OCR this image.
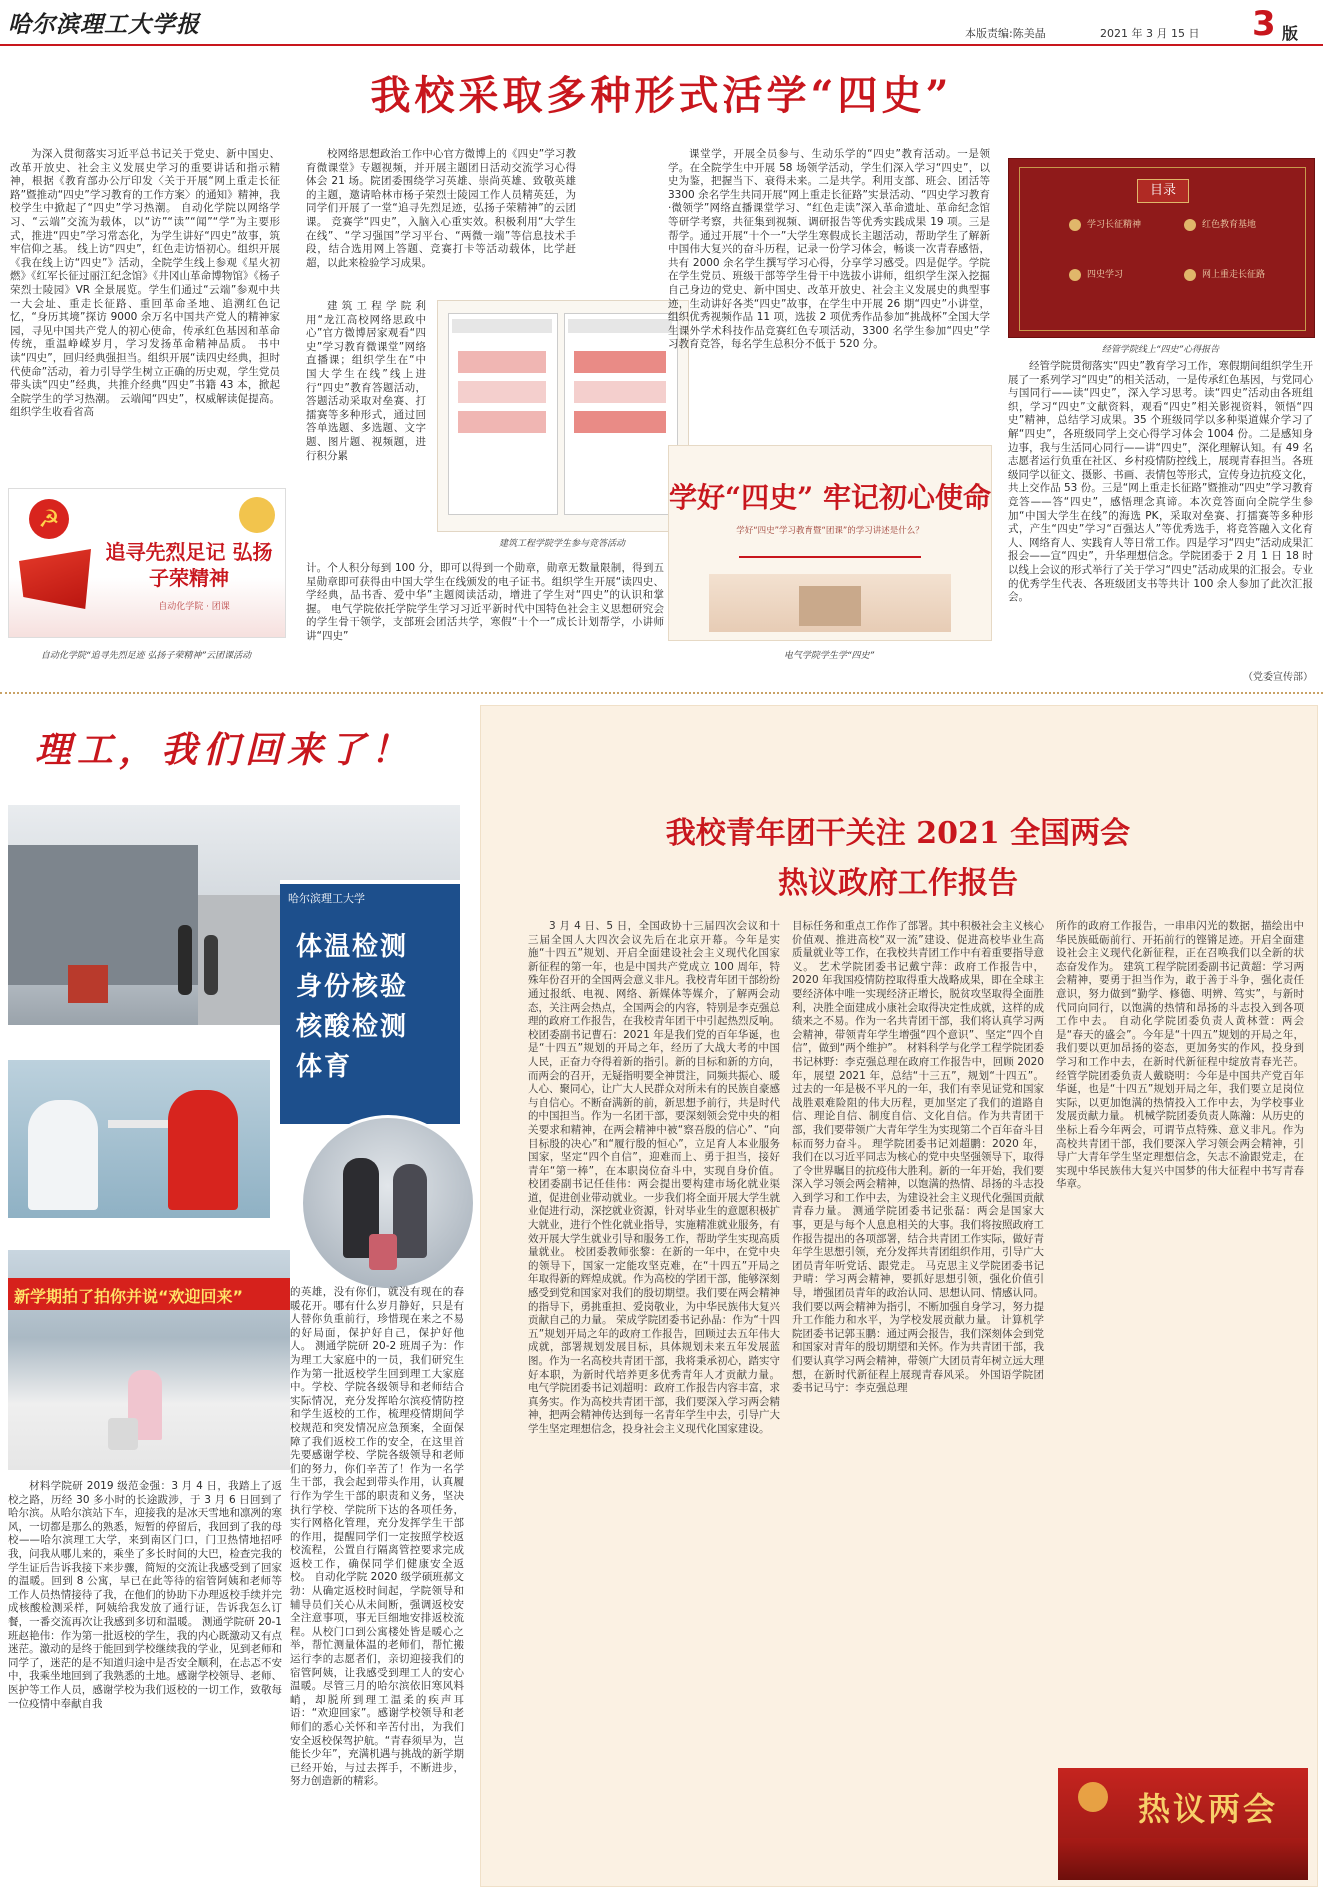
哈尔滨理工大学报	本版责编:陈美晶	2021 年 3 月 15 日 3 版
我校采取多种形式活学“四史”
为深入贯彻落实习近平总书记关于党史、新中国史、改革开放史、社会主义发展史学习的重要讲话和指示精神，根据《教育部办公厅印发〈关于开展“网上重走长征路”暨推动“四史”学习教育的工作方案〉的通知》精神，我校学生中掀起了“四史”学习热潮。 自动化学院以网络学习、“云端”交流为载体，以“访”“读”“闻”“学”为主要形式，推进“四史”学习常态化，为学生讲好“四史”故事，筑牢信仰之基。 线上访“四史”，红色走访悟初心。组织开展《我在线上访“四史”》活动，全院学生线上参观《星火初燃》《红军长征过丽江纪念馆》《井冈山革命博物馆》《杨子荣烈士陵园》VR 全景展览。学生们通过“云端”参观中共一大会址、重走长征路、重回革命圣地、追溯红色记忆，“身历其境”探访 9000 余万名中国共产党人的精神家园，寻见中国共产党人的初心使命，传承红色基因和革命传统，重温峥嵘岁月，学习发扬革命精神品质。 书中读“四史”，回归经典强担当。组织开展“读四史经典，担时代使命”活动，着力引导学生树立正确的历史观，学生党员带头读“四史”经典，共推介经典“四史”书籍 43 本，掀起全院学生的学习热潮。 云端闻“四史”，权威解读促提高。组织学生收看省高
☭
追寻先烈足记 弘扬子荣精神
自动化学院 · 团课
自动化学院“追寻先烈足迹 弘扬子荣精神”云团课活动
校网络思想政治工作中心官方微博上的《四史”学习教育微课堂》专题视频，并开展主题团日活动交流学习心得体会 21 场。院团委围绕学习英雄、崇尚英雄、致敬英雄的主题，邀请哈林市杨子荣烈士陵园工作人员精英廷，为同学们开展了一堂“追寻先烈足迹，弘扬子荣精神”的云团课。 竞赛学“四史”，入脑入心重实效。积极利用“大学生在线”、“学习强国”学习平台、“两微一端”等信息技术手段，结合选用网上答题、竞赛打卡等活动载体，比学赶超，以此来检验学习成果。
建筑工程学院利用“龙江高校网络思政中心”官方微博居家观看“四史”学习教育微课堂”网络直播课；组织学生在“中国大学生在线”线上进行“四史”教育答题活动，答题活动采取对垒赛、打擂赛等多种形式，通过回答单选题、多选题、文字题、图片题、视频题，进行积分累
建筑工程学院学生参与竞答活动
计。个人积分每到 100 分，即可以得到一个勋章，勋章无数量限制，得到五星勋章即可获得由中国大学生在线颁发的电子证书。组织学生开展“读四史、学经典，品书香、爱中华”主题阅读活动，增进了学生对“四史”的认识和掌握。 电气学院依托学院学生学习习近平新时代中国特色社会主义思想研究会的学生骨干领学，支部班会团活共学，寒假“十个一”成长计划帮学，小讲师讲“四史”
课堂学，开展全员参与、生动乐学的“四史”教育活动。一是领学。在全院学生中开展 58 场领学活动，学生们深入学习“四史”，以史为鉴，把握当下、衰得未来。二是共学。利用支部、班会、团活等 3300 余名学生共同开展“网上重走长征路”实景活动、“四史学习教育·微领学”网络直播课堂学习、“红色走读”深入革命遗址、革命纪念馆等研学考察，共征集到视频、调研报告等优秀实践成果 19 项。三是帮学。通过开展“十个一”大学生寒假成长主题活动，帮助学生了解新中国伟大复兴的奋斗历程，记录一份学习体会，畅谈一次青春感悟，共有 2000 余名学生撰写学习心得，分享学习感受。四是促学。学院在学生党员、班级干部等学生骨干中选拔小讲师，组织学生深入挖掘自己身边的党史、新中国史、改革开放史、社会主义发展史的典型事迹，生动讲好各类“四史”故事，在学生中开展 26 期“四史”小讲堂，组织优秀视频作品 11 项，选拔 2 项优秀作品参加“挑战杯”全国大学生课外学术科技作品竞赛红色专项活动，3300 名学生参加“四史”学习教育竞答，每名学生总积分不低于 520 分。
学好“四史” 牢记初心使命
学好“四史”学习教育暨“团课”的学习讲述是什么？
电气学院学生学“四史”
目录
学习长征精神	红色教育基地
四史学习	网上重走长征路
经管学院线上“四史”心得报告
经管学院贯彻落实“四史”教育学习工作，寒假期间组织学生开展了一系列学习“四史”的相关活动，一是传承红色基因，与党同心与国同行——读“四史”，深入学习思考。读“四史”活动由各班组织，学习“四史”文献资料，观看“四史”相关影视资料，领悟“四史”精神，总结学习成果。35 个班级同学以多种渠道媒介学习了解“四史”，各班级同学上交心得学习体会 1004 份。二是感知身边事，我与生活同心同行——讲“四史”，深化理解认知。有 49 名志愿者运行负重在社区、乡村疫情防控线上，展现青春担当。各班级同学以征文、摄影、书画、表情包等形式，宣传身边抗疫文化，共上交作品 53 份。三是“网上重走长征路”暨推动“四史”学习教育竞答——答“四史”，感悟理念真谛。本次竞答面向全院学生参加“中国大学生在线”的海选 PK，采取对垒赛、打擂赛等多种形式，产生“四史”学习“百强达人”等优秀选手，将竞答融入文化育人、网络育人、实践育人等日常工作。四是学习“四史”活动成果汇报会——宣“四史”，升华理想信念。学院团委于 2 月 1 日 18 时以线上会议的形式举行了关于学习“四史”活动成果的汇报会。专业的优秀学生代表、各班级团支书等共计 100 余人参加了此次汇报会。
（党委宣传部）
理工，我们回来了！
哈尔滨理工大学
体温检测
身份核验
核酸检测
体育
新学期拍了拍你并说“欢迎回来”	的英雄，没有你们，就没有现在的春暖花开。哪有什么岁月静好，只是有人替你负重前行，珍惜现在来之不易的好局面，保护好自己，保护好他人。 测通学院研 20-2 班周子为：作为理工大家庭中的一员，我们研究生作为第一批返校学生回到理工大家庭中。学校、学院各级领导和老师结合实际情况，充分发挥哈尔滨疫情防控和学生返校的工作，梳理疫情期间学校规范和突发情况应急预案，全面保障了我们返校工作的安全，在这里首先要感谢学校、学院各级领导和老师们的努力，你们辛苦了！作为一名学生干部，我会起到带头作用，认真履行作为学生干部的职责和义务，坚决执行学校、学院所下达的各项任务，实行网格化管理，充分发挥学生干部的作用，提醒同学们一定按照学校返校流程，公置自行隔离管控要求完成返校工作，确保同学们健康安全返校。 自动化学院 2020 级学硕班郝文勃：从确定返校时间起，学院领导和辅导员们关心从未间断，强调返校安全注意事项，事无巨细地安排返校流程。从校门口到公寓楼处皆是暖心之举，帮忙测量体温的老师们，帮忙搬运行李的志愿者们，亲切迎接我们的宿管阿姨，让我感受到理工人的安心温暖。尽管三月的哈尔滨依旧寒风料峭，却脱所到理工温柔的疾声耳语：“欢迎回家”。感谢学校领导和老师们的悉心关怀和辛苦付出，为我们安全返校保驾护航。“青春须早为，岂能长少年”，充满机遇与挑战的新学期已经开始，与过去挥手，不断进步，努力创造新的精彩。
材料学院研 2019 级范金强：3 月 4 日，我踏上了返校之路，历经 30 多小时的长途跋涉，于 3 月 6 日回到了哈尔滨。从哈尔滨站下车，迎接我的是冰天雪地和凛冽的寒风，一切都是那么的熟悉，短暂的停留后，我回到了我的母校——哈尔滨理工大学，来到南区门口，门卫热情地招呼我，问我从哪儿来的，乘坐了多长时间的大巴，检查完我的学生证后告诉我接下来步骤，简短的交流让我感受到了回家的温暖。回到 8 公寓，早已在此等待的宿管阿姨和老师等工作人员热情接待了我，在他们的协助下办理返校手续并完成核酸检测采样，阿姨给我发放了通行证，告诉我怎么订餐，一番交流再次让我感到多切和温暖。 测通学院研 20-1 班赵艳伟：作为第一批返校的学生，我的内心既激动又有点迷茫。激动的是终于能回到学校继续我的学业，见到老师和同学了，迷茫的是不知道归途中是否安全顺利，在忐忑不安中，我乘坐地回到了我熟悉的土地。感谢学校领导、老师、医护等工作人员，感谢学校为我们返校的一切工作，致敬每一位疫情中奉献自我
我校青年团干关注 2021 全国两会
热议政府工作报告
3 月 4 日、5 日，全国政协十三届四次会议和十三届全国人大四次会议先后在北京开幕。今年是实施“十四五”规划、开启全面建设社会主义现代化国家新征程的第一年，也是中国共产党成立 100 周年，特殊年份召开的全国两会意义非凡。我校青年团干部纷纷通过报纸、电视、网络、新媒体等媒介，了解两会动态，关注两会热点，全国两会的内容，特别是李克强总理的政府工作报告，在我校青年团干中引起热烈反响。 校团委副书记曹石：2021 年是我们党的百年华诞，也是“十四五”规划的开局之年，经历了大战大考的中国人民，正奋力夺得着新的指引。新的目标和新的方向，而两会的召开，无疑指明要全神贯注，同频共振心、暖人心、聚同心，让广大人民群众对所未有的民族自豪感与自信心。不断奋满新的前，新思想予前行，共是时代的中国担当。作为一名团干部，要深刻领会党中央的相关要求和精神，在两会精神中被“察吾殷的信心”、“向目标殷的决心”和“履行殷的恒心”，立足育人本业服务国家，坚定“四个自信”，迎难而上、勇于担当，接好青年“第一棒”，在本职岗位奋斗中，实现自身价值。 校团委副书记任佳伟：两会提出要构建市场化就业渠道，促进创业带动就业。一步我们将全面开展大学生就业促进行动，深挖就业资源，针对毕业生的意愿积极扩大就业，进行个性化就业指导，实施精准就业服务，有效开展大学生就业引导和服务工作，帮助学生实现高质量就业。 校团委教师张黎：在新的一年中，在党中央的领导下，国家一定能攻坚克难，在“十四五”开局之年取得新的辉煌成就。作为高校的学团干部，能够深刻感受到党和国家对我们的殷切期望。我们要在两会精神的指导下，勇挑重担、爱岗敬业，为中华民族伟大复兴贡献自己的力量。 荣成学院团委书记孙晶：作为“十四五”规划开局之年的政府工作报告，回顾过去五年伟大成就，部署规划发展目标，具体规划未来五年发展蓝图。作为一名高校共青团干部，我将秉承初心，踏实守好本职，为新时代培养更多优秀青年人才贡献力量。 电气学院团委书记刘超明：政府工作报告内容丰富，求真务实。作为高校共青团干部，我们要深入学习两会精神，把两会精神传达到每一名青年学生中去，引导广大学生坚定理想信念，投身社会主义现代化国家建设。
目标任务和重点工作作了部署。其中积极社会主义核心价值观、推进高校“双一流”建设、促进高校毕业生高质量就业等工作，在我校共青团工作中有着重要指导意义。 艺术学院团委书记戴宁萍：政府工作报告中，2020 年我国疫情防控取得重大战略成果，即在全球主要经济体中唯一实现经济正增长，脱贫攻坚取得全面胜利，决胜全面建成小康社会取得决定性成就，这样的成绩来之不易。作为一名共青团干部，我们将认真学习两会精神，带领青年学生增强“四个意识”、坚定“四个自信”，做到“两个维护”。 材料科学与化学工程学院团委书记林野：李克强总理在政府工作报告中，回顾 2020 年，展望 2021 年，总结“十三五”，规划“十四五”。过去的一年是极不平凡的一年，我们有幸见证党和国家战胜艰难险阻的伟大历程，更加坚定了我们的道路自信、理论自信、制度自信、文化自信。作为共青团干部，我们要带领广大青年学生为实现第二个百年奋斗目标而努力奋斗。 理学院团委书记刘超鹏：2020 年，我们在以习近平同志为核心的党中央坚强领导下，取得了令世界瞩目的抗疫伟大胜利。新的一年开始，我们要深入学习领会两会精神，以饱满的热情、昂扬的斗志投入到学习和工作中去，为建设社会主义现代化强国贡献青春力量。 测通学院团委书记张磊：两会是国家大事，更是与每个人息息相关的大事。我们将按照政府工作报告提出的各项部署，结合共青团工作实际，做好青年学生思想引领，充分发挥共青团组织作用，引导广大团员青年听党话、跟党走。 马克思主义学院团委书记尹晴：学习两会精神，要抓好思想引领，强化价值引导，增强团员青年的政治认同、思想认同、情感认同。我们要以两会精神为指引，不断加强自身学习，努力提升工作能力和水平，为学校发展贡献力量。 计算机学院团委书记郭玉鹏：通过两会报告，我们深刻体会到党和国家对青年的殷切期望和关怀。作为共青团干部，我们要认真学习两会精神，带领广大团员青年树立远大理想，在新时代新征程上展现青春风采。 外国语学院团委书记马宁：李克强总理
所作的政府工作报告，一串串闪光的数据，描绘出中华民族砥砺前行、开拓前行的铿锵足迹。开启全面建设社会主义现代化新征程，正在召唤我们以全新的状态奋发作为。 建筑工程学院团委副书记黄超：学习两会精神，要勇于担当作为，敢于善于斗争，强化责任意识，努力做到“勤学、修德、明辨、笃实”，与新时代同向同行，以饱满的热情和昂扬的斗志投入到各项工作中去。 自动化学院团委负责人黄林萱：两会是“春天的盛会”。今年是“十四五”规划的开局之年，我们要以更加昂扬的姿态，更加务实的作风，投身到学习和工作中去，在新时代新征程中绽放青春光芒。 经管学院团委负责人戴晓明：今年是中国共产党百年华诞，也是“十四五”规划开局之年，我们要立足岗位实际，以更加饱满的热情投入工作中去，为学校事业发展贡献力量。 机械学院团委负责人陈瀚：从历史的坐标上看今年两会，可谓节点特殊、意义非凡。作为高校共青团干部，我们要深入学习领会两会精神，引导广大青年学生坚定理想信念，矢志不渝跟党走，在实现中华民族伟大复兴中国梦的伟大征程中书写青春华章。
热议两会
